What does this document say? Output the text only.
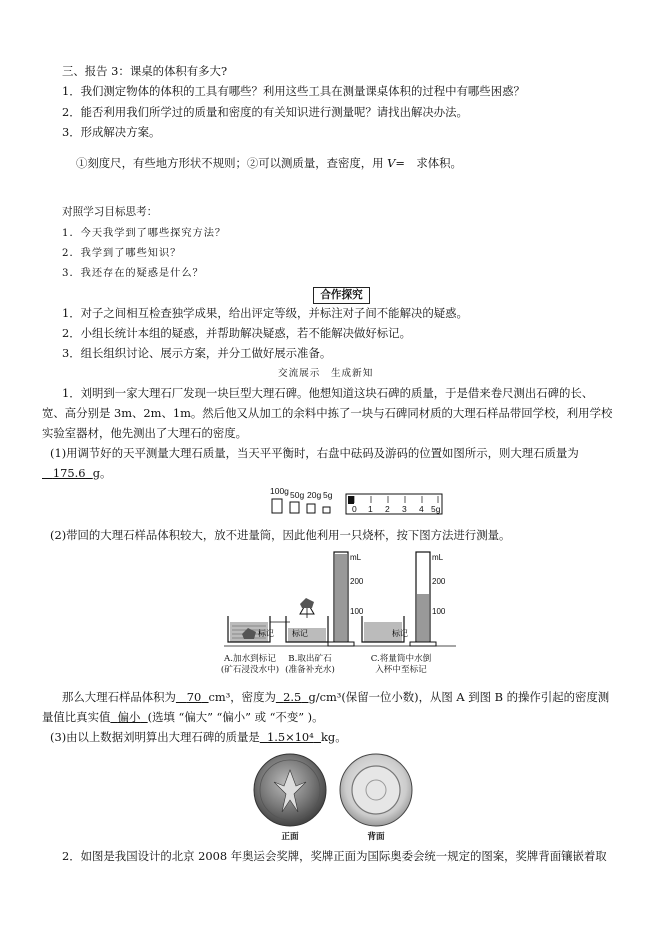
三、报告 3：课桌的体积有多大?
1．我们测定物体的体积的工具有哪些？利用这些工具在测量课桌体积的过程中有哪些困惑？
2．能否利用我们所学过的质量和密度的有关知识进行测量呢？请找出解决办法。
3．形成解决方案。
①刻度尺，有些地方形状不规则；②可以测质量，查密度，用 V=　求体积。
对照学习目标思考：
1．今天我学到了哪些探究方法？
2．我学到了哪些知识？
3．我还存在的疑惑是什么？
合作探究
1．对子之间相互检查独学成果，给出评定等级，并标注对子间不能解决的疑惑。
2．小组长统计本组的疑惑，并帮助解决疑惑，若不能解决做好标记。
3．组长组织讨论、展示方案，并分工做好展示准备。
交流展示　生成新知
1．刘明到一家大理石厂发现一块巨型大理石碑。他想知道这块石碑的质量，于是借来卷尺测出石碑的长、
宽、高分别是 3m、2m、1m。然后他又从加工的余料中拣了一块与石碑同材质的大理石样品带回学校，利用学校
实验室器材，他先测出了大理石的密度。
(1)用调节好的天平测量大理石质量，当天平平衡时，右盘中砝码及游码的位置如图所示，则大理石质量为
175.6 g。
100g 50g 20g 5g
0 1 2 3 4 5g
(2)带回的大理石样品体积较大，放不进量筒，因此他利用一只烧杯，按下图方法进行测量。
标记
标记
mL
200
100
标记
mL
200
100
A.加水到标记
(矿石浸没水中)
B.取出矿石
(准备补充水)
C.将量筒中水倒
入杯中至标记
那么大理石样品体积为 70 cm³，密度为 2.5 g/cm³(保留一位小数)，从图 A 到图 B 的操作引起的密度测
量值比真实值 偏小 (选填 “偏大” “偏小” 或 “不变” )。
(3)由以上数据刘明算出大理石碑的质量是 1.5×10⁴ kg。
正面	背面
2．如图是我国设计的北京 2008 年奥运会奖牌，奖牌正面为国际奥委会统一规定的图案，奖牌背面镶嵌着取
